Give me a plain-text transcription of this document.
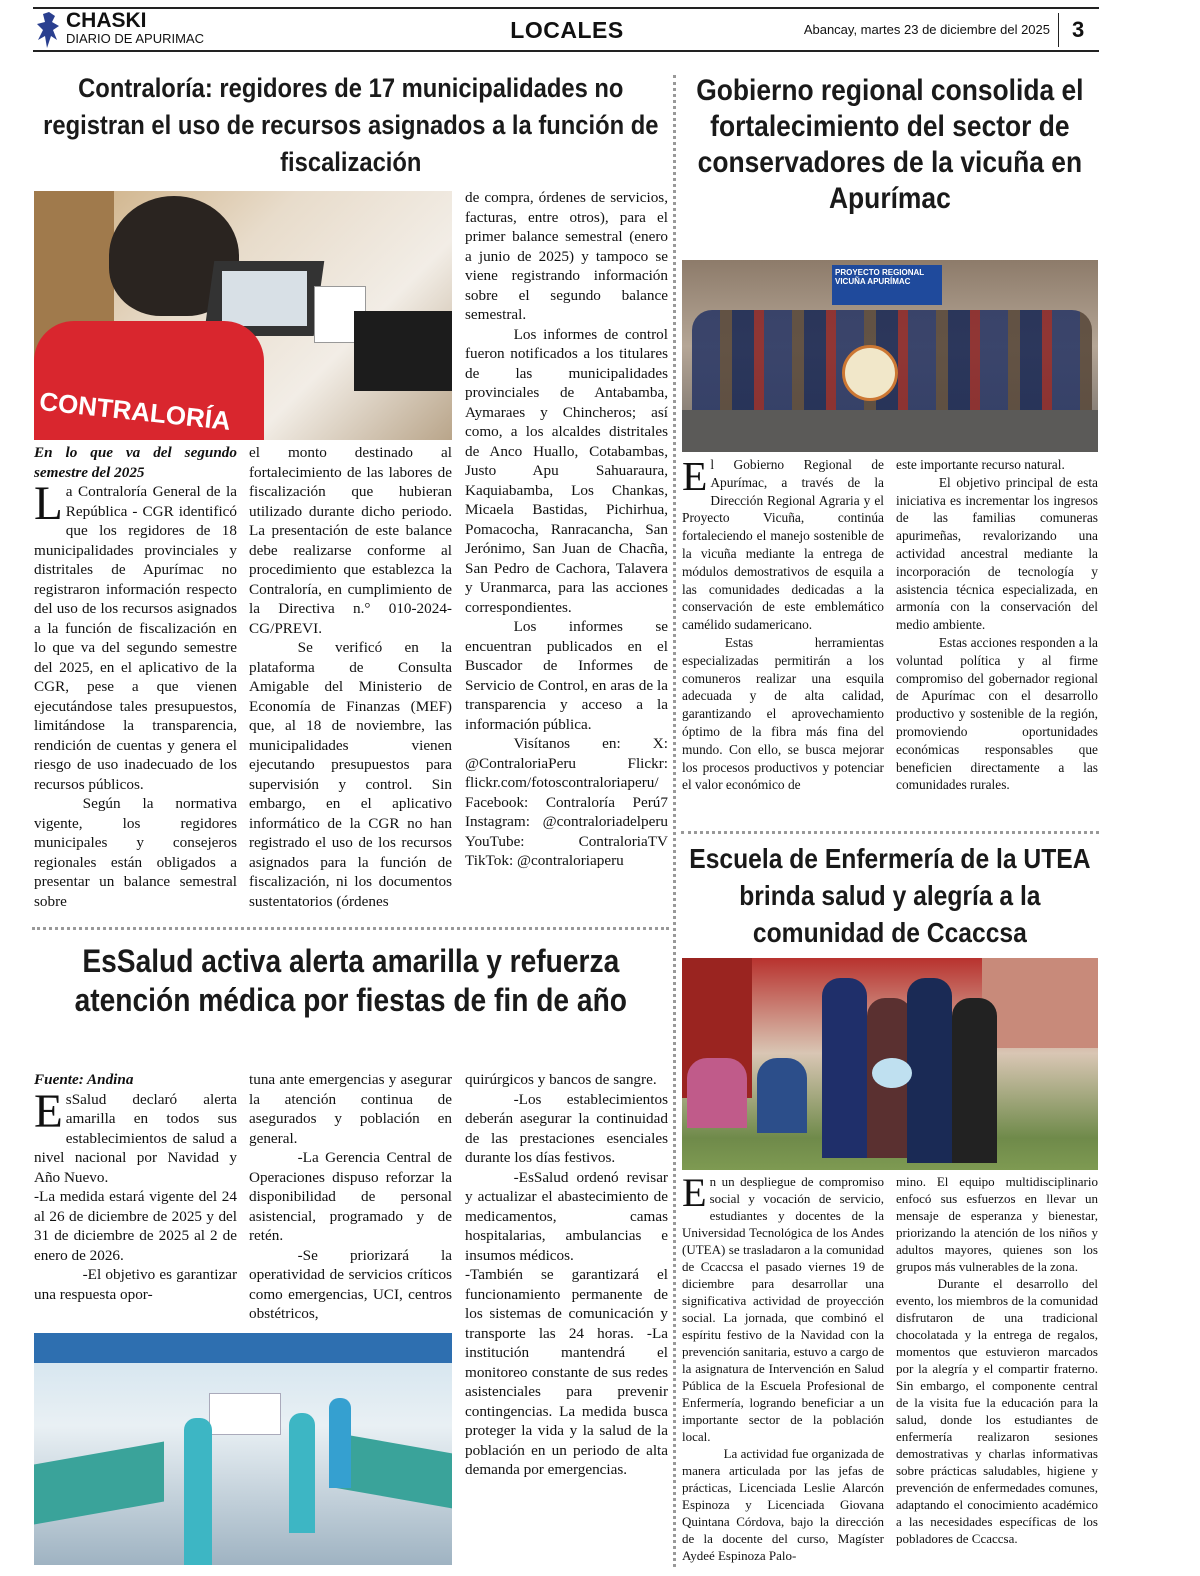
CHASKI
DIARIO DE APURIMAC	LOCALES	Abancay, martes 23 de diciembre del 2025 3
Contraloría: regidores de 17 municipalidades no registran el uso de recursos asignados a la función de fiscalización
CONTRALORÍA

En lo que va del segundo semestre del 2025

La Contraloría General de la República - CGR identificó que los regidores de 18 municipalidades provinciales y distritales de Apurímac no registraron información respecto del uso de los recursos asignados a la función de fiscalización en lo que va del segundo semestre del 2025, en el aplicativo de la CGR, pese a que vienen ejecutándose tales presupuestos, limitándose la transparencia, rendición de cuentas y genera el riesgo de uso inadecuado de los recursos públicos.

Según la normativa vigente, los regidores municipales y consejeros regionales están obligados a presentar un balance semestral sobre

el monto destinado al fortalecimiento de las labores de fiscalización que hubieran utilizado durante dicho periodo. La presentación de este balance debe realizarse conforme al procedimiento que establezca la Contraloría, en cumplimiento de la Directiva n.° 010-2024-CG/PREVI.

Se verificó en la plataforma de Consulta Amigable del Ministerio de Economía de Finanzas (MEF) que, al 18 de noviembre, las municipalidades vienen ejecutando presupuestos para supervisión y control. Sin embargo, en el aplicativo informático de la CGR no han registrado el uso de los recursos asignados para la función de fiscalización, ni los documentos sustentatorios (órdenes

de compra, órdenes de servicios, facturas, entre otros), para el primer balance semestral (enero a junio de 2025) y tampoco se viene registrando información sobre el segundo balance semestral.

Los informes de control fueron notificados a los titulares de las municipalidades provinciales de Antabamba, Aymaraes y Chincheros; así como, a los alcaldes distritales de Anco Huallo, Cotabambas, Justo Apu Sahuaraura, Kaquiabamba, Los Chankas, Micaela Bastidas, Pichirhua, Pomacocha, Ranracancha, San Jerónimo, San Juan de Chacña, San Pedro de Cachora, Talavera y Uranmarca, para las acciones correspondientes.

Los informes se encuentran publicados en el Buscador de Informes de Servicio de Control, en aras de la transparencia y acceso a la información pública.

Visítanos en: X: @ContraloriaPeru Flickr: flickr.com/fotoscontraloriaperu/ Facebook: Contraloría Perú7 Instagram: @contraloriadelperu YouTube: ContraloriaTV TikTok: @contraloriaperu

Gobierno regional consolida el fortalecimiento del sector de conservadores de la vicuña en Apurímac
PROYECTO REGIONAL VICUÑA APURÍMAC

El Gobierno Regional de Apurímac, a través de la Dirección Regional Agraria y el Proyecto Vicuña, continúa fortaleciendo el manejo sostenible de la vicuña mediante la entrega de módulos demostrativos de esquila a las comunidades dedicadas a la conservación de este emblemático camélido sudamericano.

Estas herramientas especializadas permitirán a los comuneros realizar una esquila adecuada y de alta calidad, garantizando el aprovechamiento óptimo de la fibra más fina del mundo. Con ello, se busca mejorar los procesos productivos y potenciar el valor económico de

este importante recurso natural.

El objetivo principal de esta iniciativa es incrementar los ingresos de las familias comuneras apurimeñas, revalorizando una actividad ancestral mediante la incorporación de tecnología y asistencia técnica especializada, en armonía con la conservación del medio ambiente.

Estas acciones responden a la voluntad política y al firme compromiso del gobernador regional de Apurímac con el desarrollo productivo y sostenible de la región, promoviendo oportunidades económicas responsables que beneficien directamente a las comunidades rurales.

EsSalud activa alerta amarilla y refuerza atención médica por fiestas de fin de año

Fuente: Andina

EsSalud declaró alerta amarilla en todos sus establecimientos de salud a nivel nacional por Navidad y Año Nuevo.

-La medida estará vigente del 24 al 26 de diciembre de 2025 y del 31 de diciembre de 2025 al 2 de enero de 2026.

-El objetivo es garantizar una respuesta opor-

tuna ante emergencias y asegurar la atención continua de asegurados y población en general.

-La Gerencia Central de Operaciones dispuso reforzar la disponibilidad de personal asistencial, programado y de retén.

-Se priorizará la operatividad de servicios críticos como emergencias, UCI, centros obstétricos,

quirúrgicos y bancos de sangre.

-Los establecimientos deberán asegurar la continuidad de las prestaciones esenciales durante los días festivos.

-EsSalud ordenó revisar y actualizar el abastecimiento de medicamentos, camas hospitalarias, ambulancias e insumos médicos.

-También se garantizará el funcionamiento permanente de los sistemas de comunicación y transporte las 24 horas. -La institución mantendrá el monitoreo constante de sus redes asistenciales para prevenir contingencias. La medida busca proteger la vida y la salud de la población en un periodo de alta demanda por emergencias.

Escuela de Enfermería de la UTEA brinda salud y alegría a la comunidad de Ccaccsa

En un despliegue de compromiso social y vocación de servicio, estudiantes y docentes de la Universidad Tecnológica de los Andes (UTEA) se trasladaron a la comunidad de Ccaccsa el pasado viernes 19 de diciembre para desarrollar una significativa actividad de proyección social. La jornada, que combinó el espíritu festivo de la Navidad con la prevención sanitaria, estuvo a cargo de la asignatura de Intervención en Salud Pública de la Escuela Profesional de Enfermería, logrando beneficiar a un importante sector de la población local.

La actividad fue organizada de manera articulada por las jefas de prácticas, Licenciada Leslie Alarcón Espinoza y Licenciada Giovana Quintana Córdova, bajo la dirección de la docente del curso, Magíster Aydeé Espinoza Palo-

mino. El equipo multidisciplinario enfocó sus esfuerzos en llevar un mensaje de esperanza y bienestar, priorizando la atención de los niños y adultos mayores, quienes son los grupos más vulnerables de la zona.

Durante el desarrollo del evento, los miembros de la comunidad disfrutaron de una tradicional chocolatada y la entrega de regalos, momentos que estuvieron marcados por la alegría y el compartir fraterno. Sin embargo, el componente central de la visita fue la educación para la salud, donde los estudiantes de enfermería realizaron sesiones demostrativas y charlas informativas sobre prácticas saludables, higiene y prevención de enfermedades comunes, adaptando el conocimiento académico a las necesidades específicas de los pobladores de Ccaccsa.
